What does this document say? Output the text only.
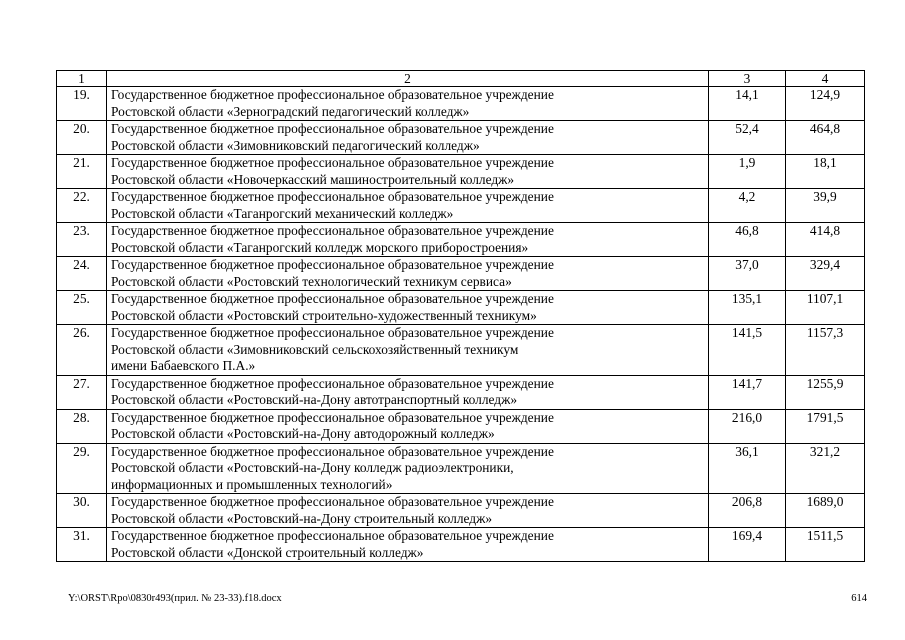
1	2	3	4
19.	Государственное бюджетное профессиональное образовательное учреждение
Ростовской области «Зерноградский педагогический колледж»	14,1	124,9
20.	Государственное бюджетное профессиональное образовательное учреждение
Ростовской области «Зимовниковский педагогический колледж»	52,4	464,8
21.	Государственное бюджетное профессиональное образовательное учреждение
Ростовской области «Новочеркасский машиностроительный колледж»	1,9	18,1
22.	Государственное бюджетное профессиональное образовательное учреждение
Ростовской области «Таганрогский механический колледж»	4,2	39,9
23.	Государственное бюджетное профессиональное образовательное учреждение
Ростовской области «Таганрогский колледж морского приборостроения»	46,8	414,8
24.	Государственное бюджетное профессиональное образовательное учреждение
Ростовской области «Ростовский технологический техникум сервиса»	37,0	329,4
25.	Государственное бюджетное профессиональное образовательное учреждение
Ростовской области «Ростовский строительно-художественный техникум»	135,1	1107,1
26.	Государственное бюджетное профессиональное образовательное учреждение
Ростовской области «Зимовниковский сельскохозяйственный техникум
имени Бабаевского П.А.»	141,5	1157,3
27.	Государственное бюджетное профессиональное образовательное учреждение
Ростовской области «Ростовский-на-Дону автотранспортный колледж»	141,7	1255,9
28.	Государственное бюджетное профессиональное образовательное учреждение
Ростовской области «Ростовский-на-Дону автодорожный колледж»	216,0	1791,5
29.	Государственное бюджетное профессиональное образовательное учреждение
Ростовской области «Ростовский-на-Дону колледж радиоэлектроники,
информационных и промышленных технологий»	36,1	321,2
30.	Государственное бюджетное профессиональное образовательное учреждение
Ростовской области «Ростовский-на-Дону строительный колледж»	206,8	1689,0
31.	Государственное бюджетное профессиональное образовательное учреждение
Ростовской области «Донской строительный колледж»	169,4	1511,5
Y:\ORST\Rpo\0830r493(прил. № 23-33).f18.docx	614
